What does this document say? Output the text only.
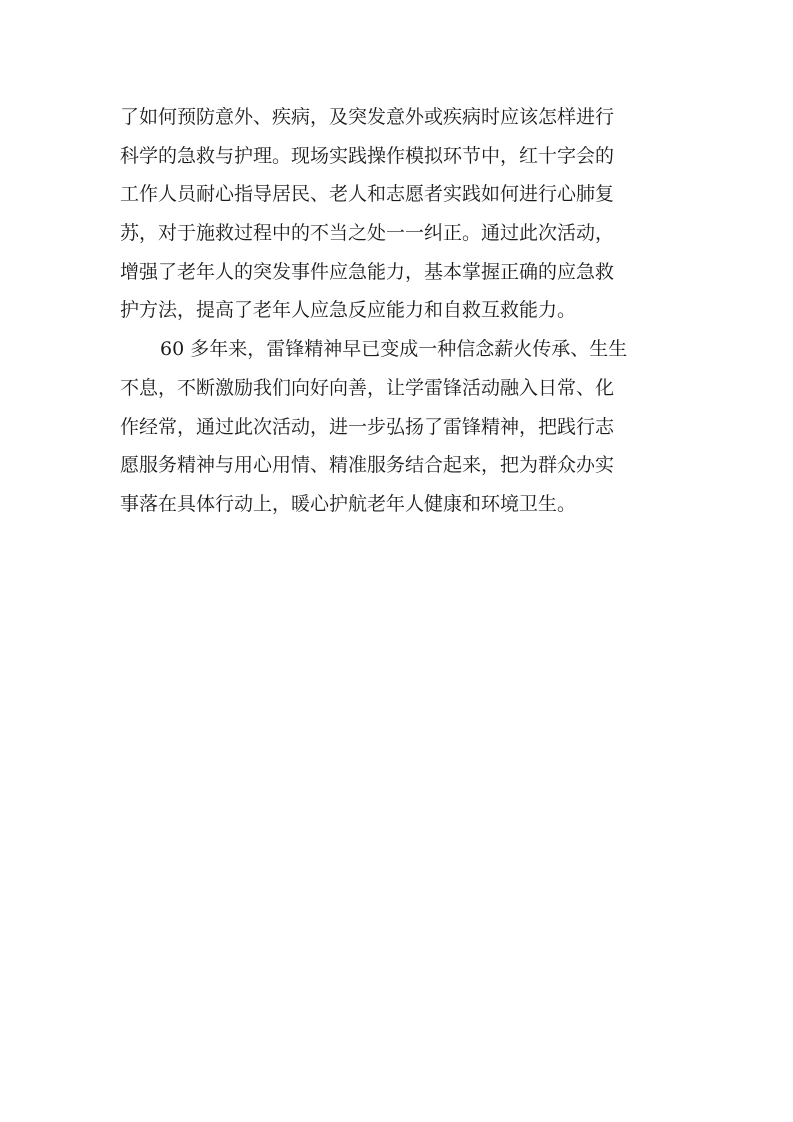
了如何预防意外、疾病，及突发意外或疾病时应该怎样进行
科学的急救与护理。现场实践操作模拟环节中，红十字会的
工作人员耐心指导居民、老人和志愿者实践如何进行心肺复
苏，对于施救过程中的不当之处一一纠正。通过此次活动，
增强了老年人的突发事件应急能力，基本掌握正确的应急救
护方法，提高了老年人应急反应能力和自救互救能力。
60 多年来，雷锋精神早已变成一种信念薪火传承、生生
不息，不断激励我们向好向善，让学雷锋活动融入日常、化
作经常，通过此次活动，进一步弘扬了雷锋精神，把践行志
愿服务精神与用心用情、精准服务结合起来，把为群众办实
事落在具体行动上，暖心护航老年人健康和环境卫生。
